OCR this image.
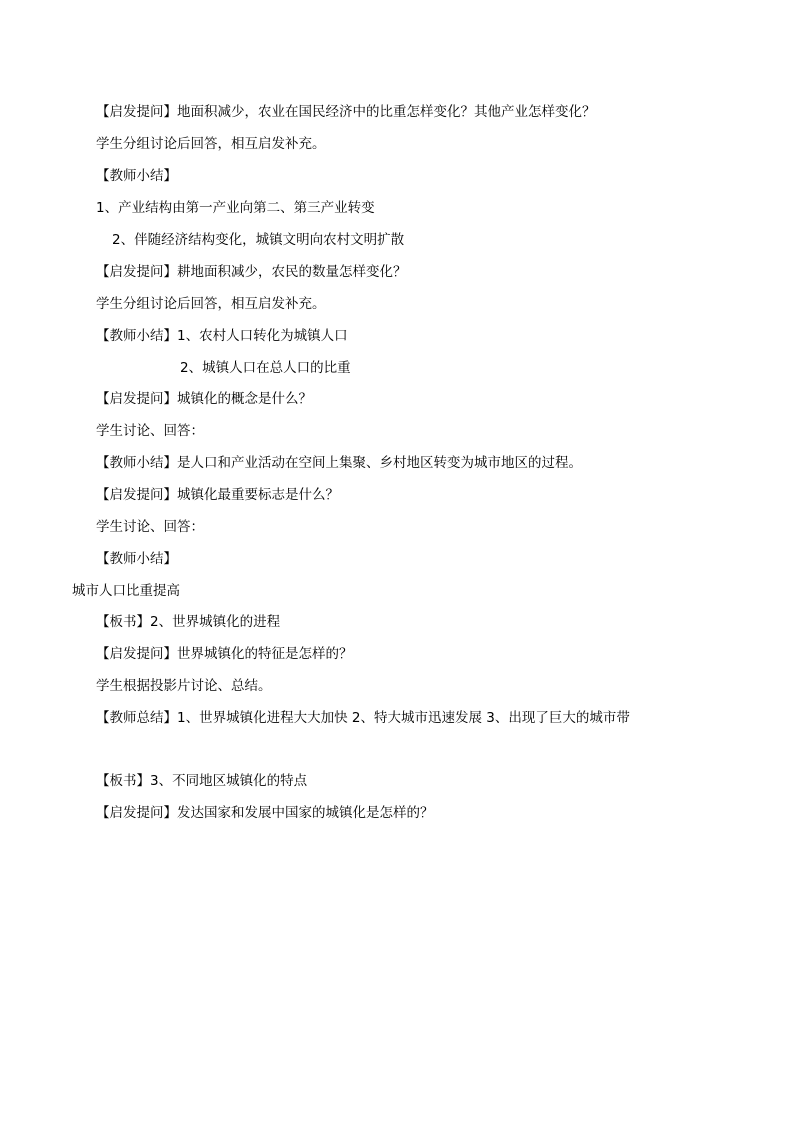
【启发提问】地面积减少，农业在国民经济中的比重怎样变化？其他产业怎样变化？
学生分组讨论后回答，相互启发补充。
【教师小结】
1、产业结构由第一产业向第二、第三产业转变
2、伴随经济结构变化，城镇文明向农村文明扩散
【启发提问】耕地面积减少，农民的数量怎样变化？
学生分组讨论后回答，相互启发补充。
【教师小结】1、农村人口转化为城镇人口
2、城镇人口在总人口的比重
【启发提问】城镇化的概念是什么？
学生讨论、回答：
【教师小结】是人口和产业活动在空间上集聚、乡村地区转变为城市地区的过程。
【启发提问】城镇化最重要标志是什么？
学生讨论、回答：
【教师小结】
城市人口比重提高
【板书】2、世界城镇化的进程
【启发提问】世界城镇化的特征是怎样的？
学生根据投影片讨论、总结。
【教师总结】1、世界城镇化进程大大加快 2、特大城市迅速发展 3、出现了巨大的城市带
【板书】3、不同地区城镇化的特点
【启发提问】发达国家和发展中国家的城镇化是怎样的？
